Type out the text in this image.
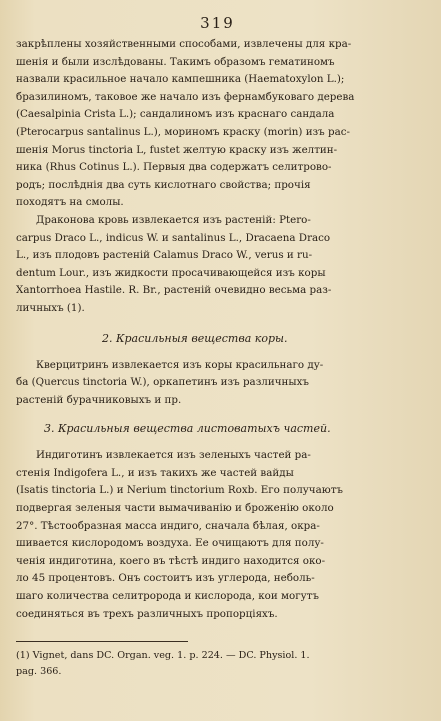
319
закрѣплены хозяйственными способами, извлечены для кра-
шенія и были изслѣдованы. Такимъ образомъ гематиномъ
назвали красильное начало кампешника (Haematoxylon L.);
бразилиномъ, таковое же начало изъ фернамбуковаго дерева
(Caesalpinia Crista L.); сандалиномъ изъ краснаго сандала
(Pterocarpus santalinus L.), мориномъ краску (morin) изъ рас-
шенія Morus tinctoria L, fustet желтую краску изъ желтин-
ника (Rhus Cotinus L.). Первыя два содержатъ селитрово-
родъ; послѣднія два суть кислотнаго свойства; прочія
походятъ на смолы.
Драконова кровь извлекается изъ растеній: Ptero-
carpus Draco L., indicus W. и santalinus L., Dracaena Draco
L., изъ плодовъ растеній Calamus Draco W., verus и ru-
dentum Lour., изъ жидкости просачивающейся изъ коры
Xantorrhoea Hastile. R. Br., растеній очевидно весьма раз-
личныхъ (1).
2. Красильныя вещества коры.
Кверцитринъ извлекается изъ коры красильнаго ду-
ба (Quercus tinctoria W.), оркапетинъ изъ различныхъ
растеній бурачниковыхъ и пр.
3. Красильныя вещества листоватыхъ частей.
Индиготинъ извлекается изъ зеленыхъ частей ра-
стенія Indigofera L., и изъ такихъ же частей вайды
(Isatis tinctoria L.) и Nerium tinctorium Roxb. Его получаютъ
подвергая зеленыя части вымачиванію и броженію около
27°. Тѣстообразная масса индиго, сначала бѣлая, окра-
шивается кислородомъ воздуха. Ее очищаютъ для полу-
ченія индиготина, коего въ тѣстѣ индиго находится око-
ло 45 процентовъ. Онъ состоитъ изъ углерода, неболь-
шаго количества селитророда и кислорода, кои могутъ
соединяться въ трехъ различныхъ пропорціяхъ.
(1) Vignet, dans DC. Organ. veg. 1. p. 224. — DC. Physiol. 1.
pag. 366.
